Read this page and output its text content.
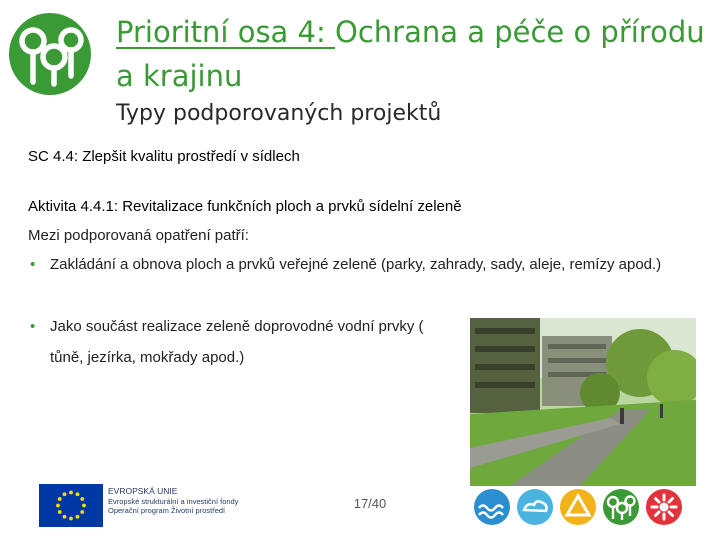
Prioritní osa 4: Ochrana a péče o přírodu a krajinu
Typy podporovaných projektů
SC 4.4: Zlepšit kvalitu prostředí v sídlech
Aktivita 4.4.1: Revitalizace funkčních ploch a prvků sídelní zeleně
Mezi podporovaná opatření patří:
• Zakládání a obnova ploch a prvků veřejné zeleně (parky, zahrady, sady, aleje, remízy apod.)
• Jako součást realizace zeleně doprovodné vodní prvky ( tůně, jezírka, mokřady apod.)
EVROPSKÁ UNIE
Evropské strukturální a investiční fondy
Operační program Životní prostředí	17/40
